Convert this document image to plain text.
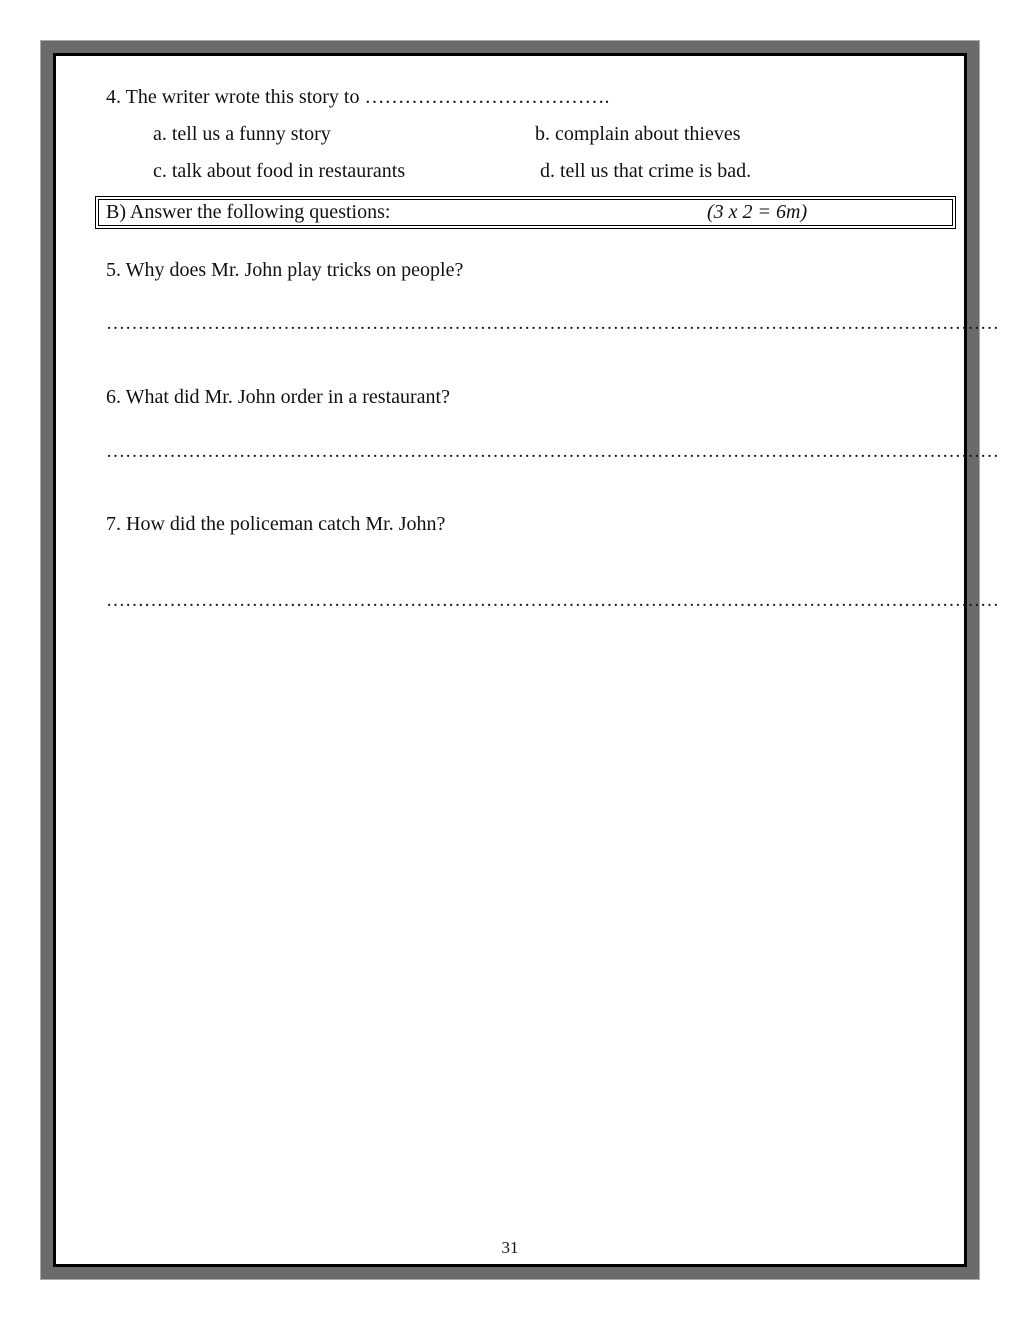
4. The writer wrote this story to ……………………………….
a. tell us a funny story	b. complain about thieves
c. talk about food in restaurants	d. tell us that crime is bad.
B) Answer the following questions:	(3 x 2 = 6m)
5. Why does Mr. John play tricks on people?
……………………………………………………………………………………………………………………………
6. What did Mr. John order in a restaurant?
……………………………………………………………………………………………………………………………
7. How did the policeman catch Mr. John?
……………………………………………………………………………………………………………………………
31
